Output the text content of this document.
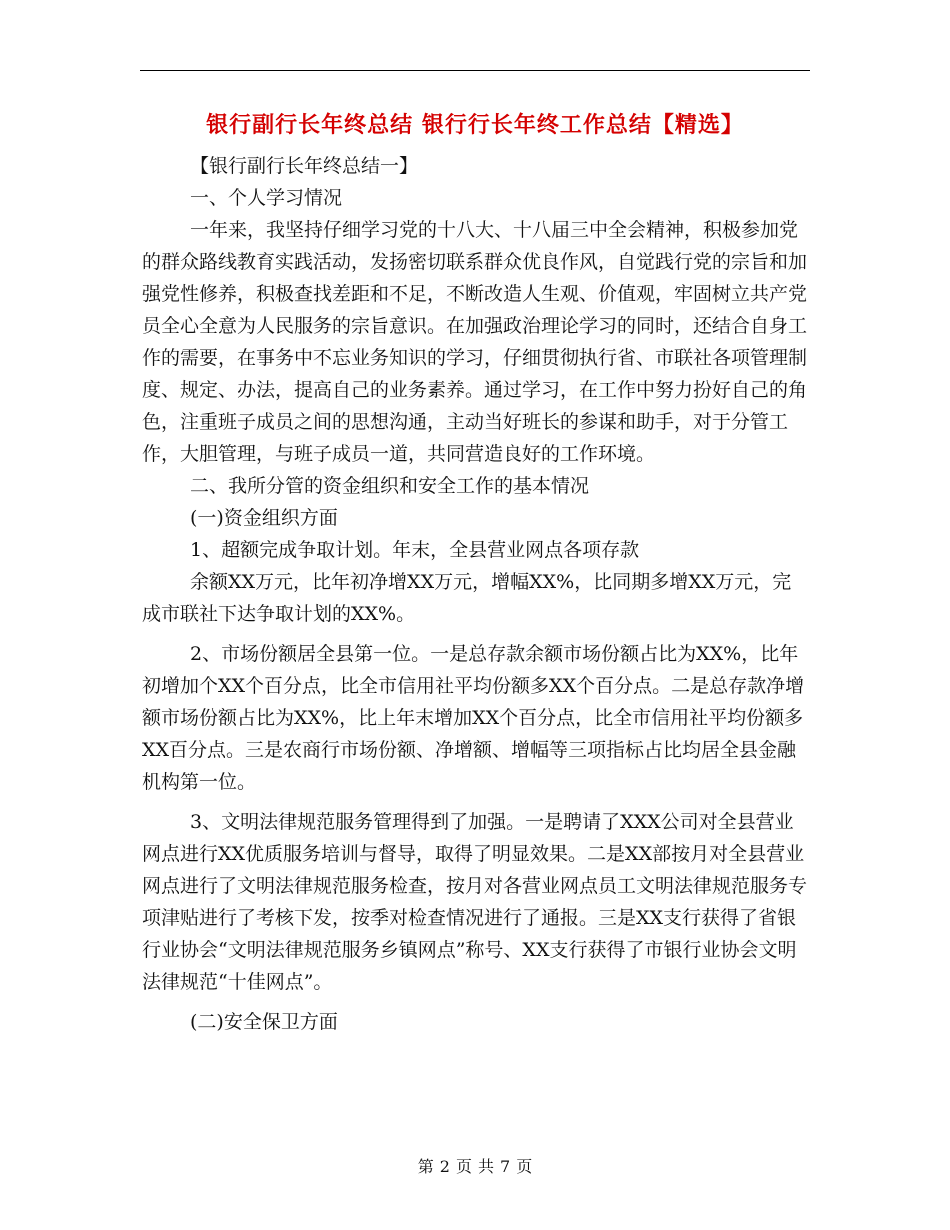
银行副行长年终总结 银行行长年终工作总结【精选】

【银行副行长年终总结一】

一、个人学习情况

一年来，我坚持仔细学习党的十八大、十八届三中全会精神，积极参加党的群众路线教育实践活动，发扬密切联系群众优良作风，自觉践行党的宗旨和加强党性修养，积极查找差距和不足，不断改造人生观、价值观，牢固树立共产党员全心全意为人民服务的宗旨意识。在加强政治理论学习的同时，还结合自身工作的需要，在事务中不忘业务知识的学习，仔细贯彻执行省、市联社各项管理制度、规定、办法，提高自己的业务素养。通过学习，在工作中努力扮好自己的角色，注重班子成员之间的思想沟通，主动当好班长的参谋和助手，对于分管工作，大胆管理，与班子成员一道，共同营造良好的工作环境。

二、我所分管的资金组织和安全工作的基本情况

(一)资金组织方面

1、超额完成争取计划。年末，全县营业网点各项存款

余额XX万元，比年初净增XX万元，增幅XX%，比同期多增XX万元，完成市联社下达争取计划的XX%。

2、市场份额居全县第一位。一是总存款余额市场份额占比为XX%，比年初增加个XX个百分点，比全市信用社平均份额多XX个百分点。二是总存款净增额市场份额占比为XX%，比上年末增加XX个百分点，比全市信用社平均份额多XX百分点。三是农商行市场份额、净增额、增幅等三项指标占比均居全县金融机构第一位。

3、文明法律规范服务管理得到了加强。一是聘请了XXX公司对全县营业网点进行XX优质服务培训与督导，取得了明显效果。二是XX部按月对全县营业网点进行了文明法律规范服务检查，按月对各营业网点员工文明法律规范服务专项津贴进行了考核下发，按季对检查情况进行了通报。三是XX支行获得了省银行业协会“文明法律规范服务乡镇网点”称号、XX支行获得了市银行业协会文明法律规范“十佳网点”。

(二)安全保卫方面

第 2 页 共 7 页
